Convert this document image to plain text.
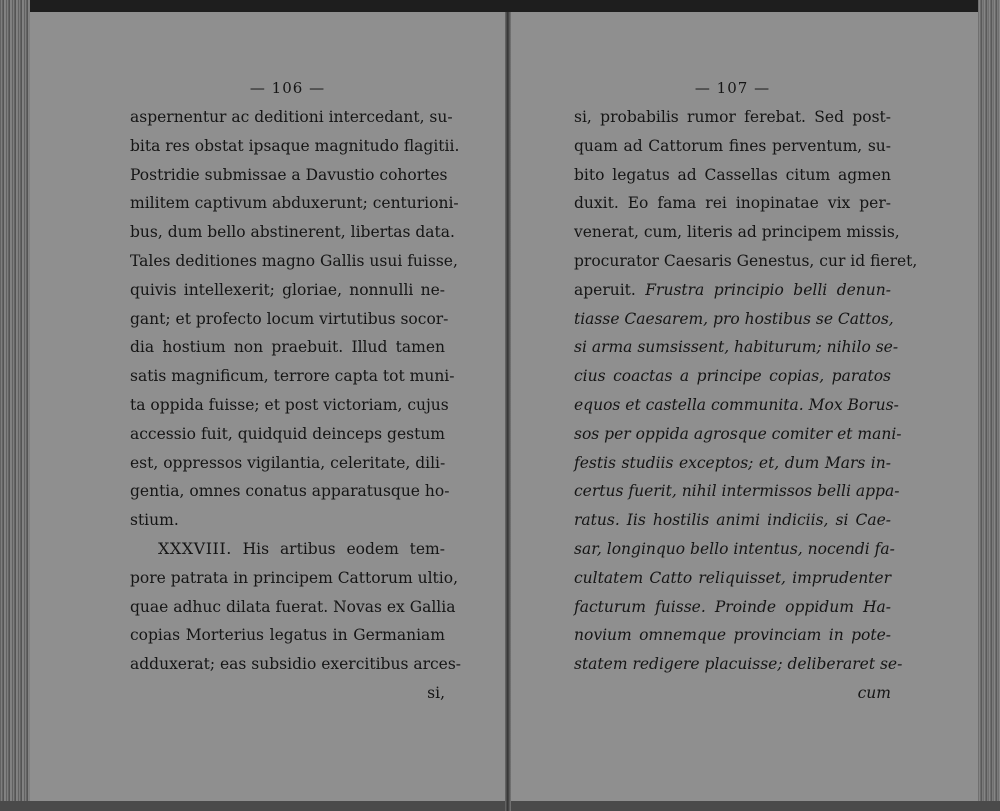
— 106 —
aspernentur ac deditioni intercedant, su-
bita res obstat ipsaque magnitudo flagitii.
Postridie submissae a Davustio cohortes
militem captivum abduxerunt; centurioni-
bus, dum bello abstinerent, libertas data.
Tales deditiones magno Gallis usui fuisse,
quivis intellexerit; gloriae, nonnulli ne-
gant; et profecto locum virtutibus socor-
dia hostium non praebuit. Illud tamen
satis magnificum, terrore capta tot muni-
ta oppida fuisse; et post victoriam, cujus
accessio fuit, quidquid deinceps gestum
est, oppressos vigilantia, celeritate, dili-
gentia, omnes conatus apparatusque ho-
stium.
XXXVIII. His artibus eodem tem-
pore patrata in principem Cattorum ultio,
quae adhuc dilata fuerat. Novas ex Gallia
copias Morterius legatus in Germaniam
adduxerat; eas subsidio exercitibus arces-
si,
— 107 —
si, probabilis rumor ferebat. Sed post-
quam ad Cattorum fines perventum, su-
bito legatus ad Cassellas citum agmen
duxit. Eo fama rei inopinatae vix per-
venerat, cum, literis ad principem missis,
procurator Caesaris Genestus, cur id fieret,
aperuit. Frustra principio belli denun-
tiasse Caesarem, pro hostibus se Cattos,
si arma sumsissent, habiturum; nihilo se-
cius coactas a principe copias, paratos
equos et castella communita. Mox Borus-
sos per oppida agrosque comiter et mani-
festis studiis exceptos; et, dum Mars in-
certus fuerit, nihil intermissos belli appa-
ratus. Iis hostilis animi indiciis, si Cae-
sar, longinquo bello intentus, nocendi fa-
cultatem Catto reliquisset, imprudenter
facturum fuisse. Proinde oppidum Ha-
novium omnemque provinciam in pote-
statem redigere placuisse; deliberaret se-
cum
